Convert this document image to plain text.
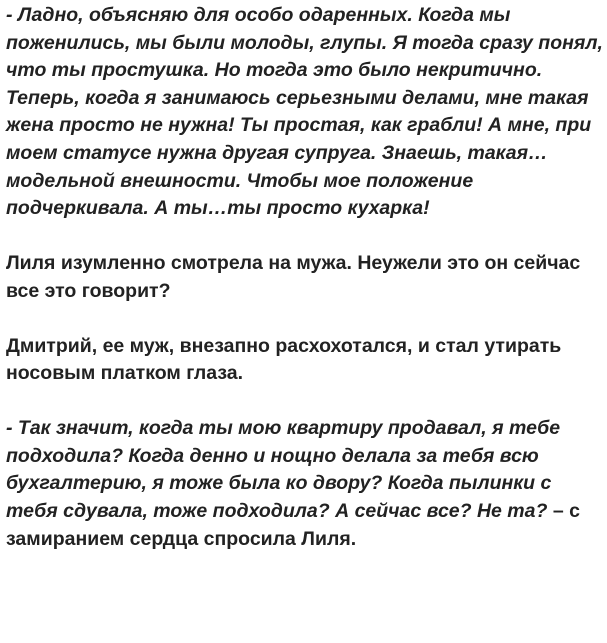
- Ладно, объясняю для особо одаренных. Когда мы поженились, мы были молоды, глупы. Я тогда сразу понял, что ты простушка. Но тогда это было некритично. Теперь, когда я занимаюсь серьезными делами, мне такая жена просто не нужна! Ты простая, как грабли! А мне, при моем статусе нужна другая супруга. Знаешь, такая…модельной внешности. Чтобы мое положение подчеркивала. А ты…ты просто кухарка!

Лиля изумленно смотрела на мужа. Неужели это он сейчас все это говорит?

Дмитрий, ее муж, внезапно расхохотался, и стал утирать носовым платком глаза.

- Так значит, когда ты мою квартиру продавал, я тебе подходила? Когда денно и нощно делала за тебя всю бухгалтерию, я тоже была ко двору? Когда пылинки с тебя сдувала, тоже подходила? А сейчас все? Не та? – с замиранием сердца спросила Лиля.
